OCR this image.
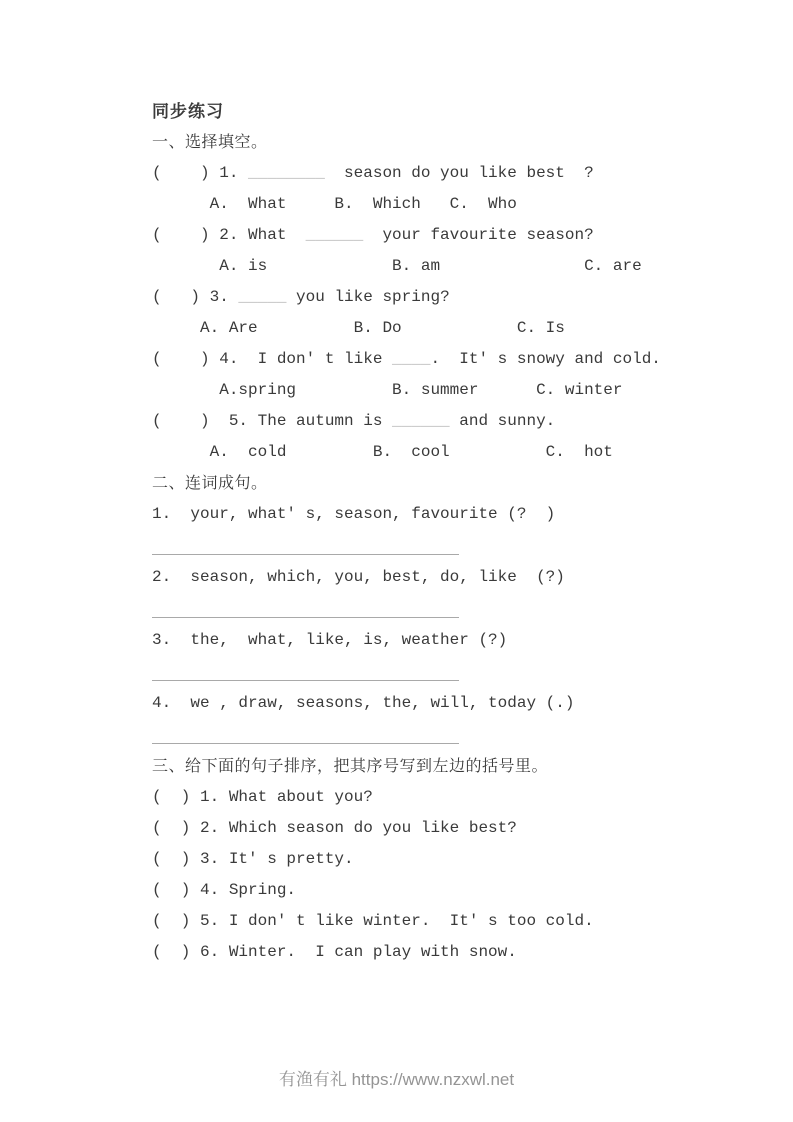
同步练习
一、选择填空。
(    ) 1. ________  season do you like best  ?
A.  What     B.  Which   C.  Who
(    ) 2. What  ______  your favourite season?
A. is             B. am               C. are
(   ) 3. _____ you like spring?
A. Are          B. Do            C. Is
(    ) 4.  I don' t like ____.  It' s snowy and cold.
A.spring          B. summer      C. winter
(    )  5. The autumn is ______ and sunny.
A.  cold         B.  cool          C.  hot
二、连词成句。
1.  your, what' s, season, favourite (?  )
2.  season, which, you, best, do, like  (?)
3.  the,  what, like, is, weather (?)
4.  we , draw, seasons, the, will, today (.)
三、给下面的句子排序，把其序号写到左边的括号里。
(  ) 1. What about you?
(  ) 2. Which season do you like best?
(  ) 3. It' s pretty.
(  ) 4. Spring.
(  ) 5. I don' t like winter.  It' s too cold.
(  ) 6. Winter.  I can play with snow.
有渔有礼 https://www.nzxwl.net
